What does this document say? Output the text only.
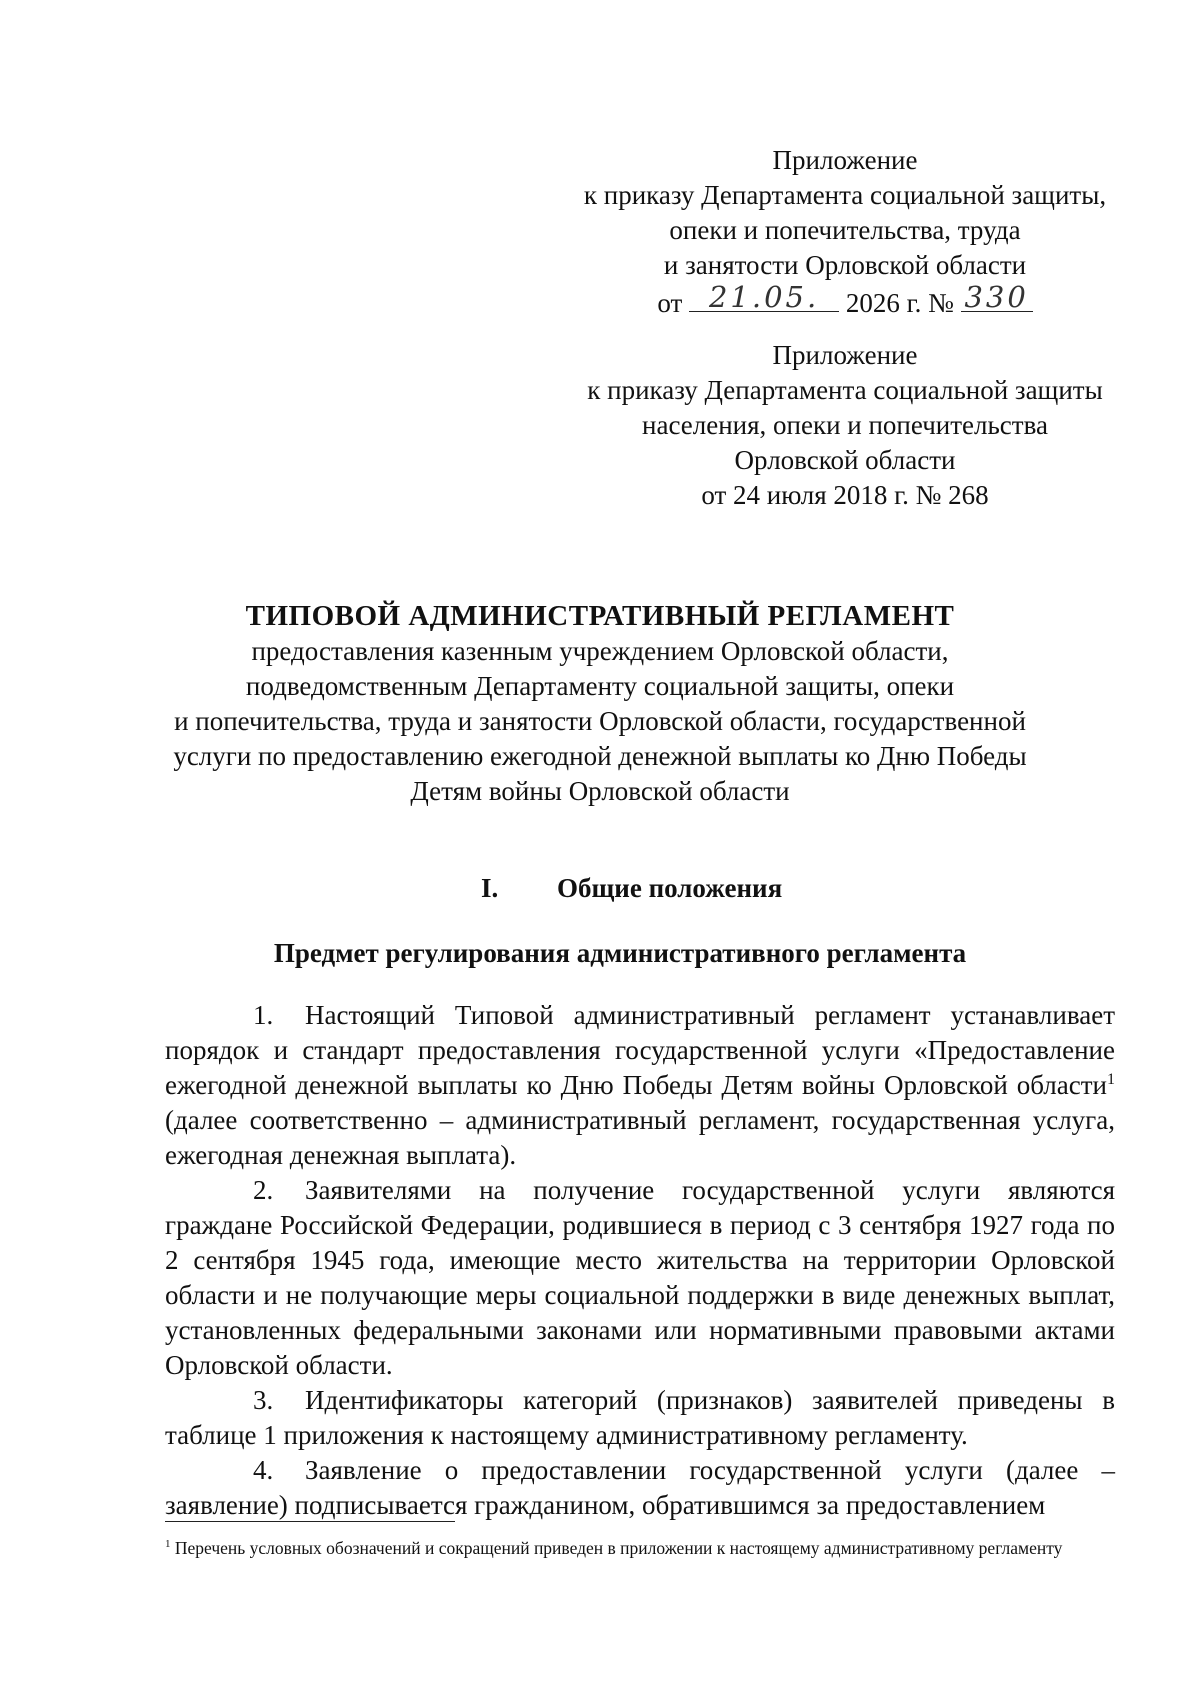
Приложение
к приказу Департамента социальной защиты,
опеки и попечительства, труда
и занятости Орловской области
от 21.05. 2026 г. № 330
Приложение
к приказу Департамента социальной защиты
населения, опеки и попечительства
Орловской области
от 24 июля 2018 г. № 268
ТИПОВОЙ АДМИНИСТРАТИВНЫЙ РЕГЛАМЕНТ
предоставления казенным учреждением Орловской области,
подведомственным Департаменту социальной защиты, опеки
и попечительства, труда и занятости Орловской области, государственной
услуги по предоставлению ежегодной денежной выплаты ко Дню Победы
Детям войны Орловской области
I. Общие положения
Предмет регулирования административного регламента

1. Настоящий Типовой административный регламент устанавливает порядок и стандарт предоставления государственной услуги «Предоставление ежегодной денежной выплаты ко Дню Победы Детям войны Орловской области$^1$ (далее соответственно – административный регламент, государственная услуга, ежегодная денежная выплата).

2. Заявителями на получение государственной услуги являются граждане Российской Федерации, родившиеся в период с 3 сентября 1927 года по 2 сентября 1945 года, имеющие место жительства на территории Орловской области и не получающие меры социальной поддержки в виде денежных выплат, установленных федеральными законами или нормативными правовыми актами Орловской области.

3. Идентификаторы категорий (признаков) заявителей приведены в таблице 1 приложения к настоящему административному регламенту.

4. Заявление о предоставлении государственной услуги (далее – заявление) подписывается гражданином, обратившимся за предоставлением

$^1$ Перечень условных обозначений и сокращений приведен в приложении к настоящему административному регламенту
